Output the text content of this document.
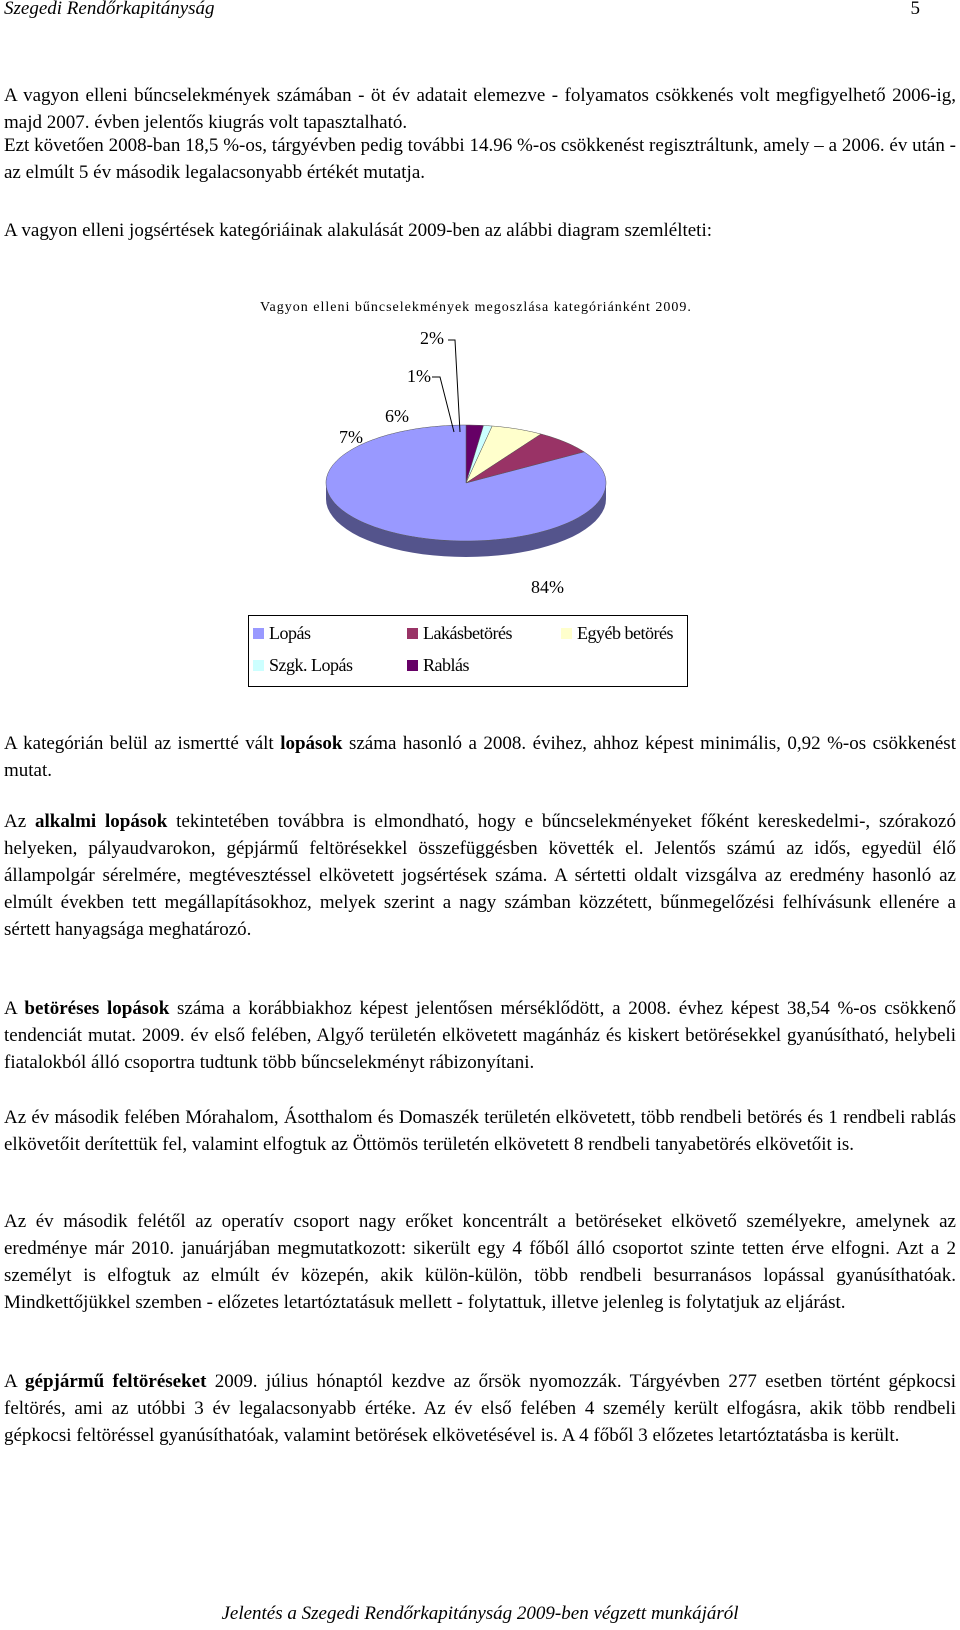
Szegedi Rendőrkapitányság	5

A vagyon elleni bűncselekmények számában - öt év adatait elemezve - folyamatos csökkenés volt megfigyelhető 2006-ig, majd 2007. évben jelentős kiugrás volt tapasztalható.

Ezt követően 2008-ban 18,5 %-os, tárgyévben pedig további 14.96 %-os csökkenést regisztráltunk, amely – a 2006. év után - az elmúlt 5 év második legalacsonyabb értékét mutatja.

A vagyon elleni jogsértések kategóriáinak alakulását 2009-ben az alábbi diagram szemlélteti:

Vagyon elleni bűncselekmények megoszlása kategóriánként 2009.
84%
7%
6%
1%
2%
Lopás	Lakásbetörés	Egyéb betörés
Szgk. Lopás	Rablás

A kategórián belül az ismertté vált lopások száma hasonló a 2008. évihez, ahhoz képest minimális, 0,92 %-os csökkenést mutat.

Az alkalmi lopások tekintetében továbbra is elmondható, hogy e bűncselekményeket főként kereskedelmi-, szórakozó helyeken, pályaudvarokon, gépjármű feltörésekkel összefüggésben követték el. Jelentős számú az idős, egyedül élő állampolgár sérelmére, megtévesztéssel elkövetett jogsértések száma. A sértetti oldalt vizsgálva az eredmény hasonló az elmúlt években tett megállapításokhoz, melyek szerint a nagy számban közzétett, bűnmegelőzési felhívásunk ellenére a sértett hanyagsága meghatározó.

A betöréses lopások száma a korábbiakhoz képest jelentősen mérséklődött, a 2008. évhez képest 38,54 %-os csökkenő tendenciát mutat. 2009. év első felében, Algyő területén elkövetett magánház és kiskert betörésekkel gyanúsítható, helybeli fiatalokból álló csoportra tudtunk több bűncselekményt rábizonyítani.

Az év második felében Mórahalom, Ásotthalom és Domaszék területén elkövetett, több rendbeli betörés és 1 rendbeli rablás elkövetőit derítettük fel, valamint elfogtuk az Öttömös területén elkövetett 8 rendbeli tanyabetörés elkövetőit is.

Az év második felétől az operatív csoport nagy erőket koncentrált a betöréseket elkövető személyekre, amelynek az eredménye már 2010. januárjában megmutatkozott: sikerült egy 4 főből álló csoportot szinte tetten érve elfogni. Azt a 2 személyt is elfogtuk az elmúlt év közepén, akik külön-külön, több rendbeli besurranásos lopással gyanúsíthatóak. Mindkettőjükkel szemben - előzetes letartóztatásuk mellett - folytattuk, illetve jelenleg is folytatjuk az eljárást.

A gépjármű feltöréseket 2009. július hónaptól kezdve az őrsök nyomozzák. Tárgyévben 277 esetben történt gépkocsi feltörés, ami az utóbbi 3 év legalacsonyabb értéke. Az év első felében 4 személy került elfogásra, akik több rendbeli gépkocsi feltöréssel gyanúsíthatóak, valamint betörések elkövetésével is. A 4 főből 3 előzetes letartóztatásba is került.

Jelentés a Szegedi Rendőrkapitányság 2009-ben végzett munkájáról
